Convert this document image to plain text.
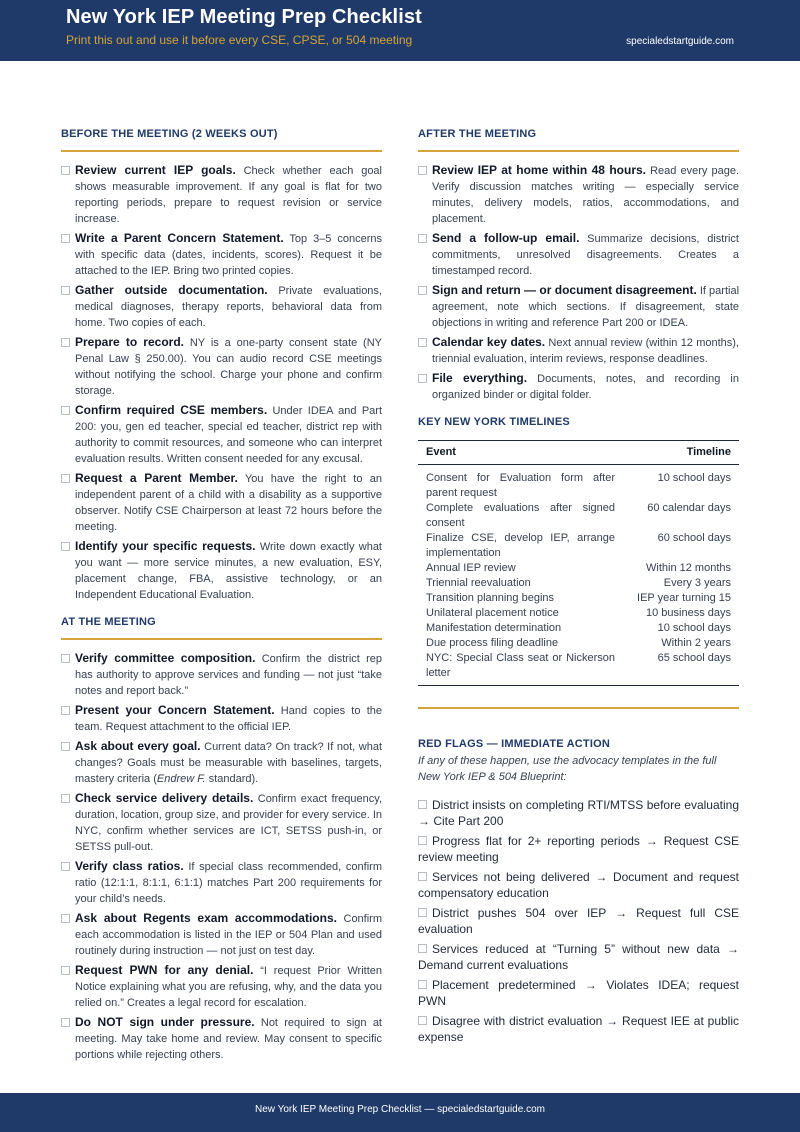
New York IEP Meeting Prep Checklist
Print this out and use it before every CSE, CPSE, or 504 meeting	specialedstartguide.com
BEFORE THE MEETING (2 WEEKS OUT)
Review current IEP goals. Check whether each goal shows measurable improvement. If any goal is flat for two reporting periods, prepare to request revision or service increase.
Write a Parent Concern Statement. Top 3–5 concerns with specific data (dates, incidents, scores). Request it be attached to the IEP. Bring two printed copies.
Gather outside documentation. Private evaluations, medical diagnoses, therapy reports, behavioral data from home. Two copies of each.
Prepare to record. NY is a one-party consent state (NY Penal Law § 250.00). You can audio record CSE meetings without notifying the school. Charge your phone and confirm storage.
Confirm required CSE members. Under IDEA and Part 200: you, gen ed teacher, special ed teacher, district rep with authority to commit resources, and someone who can interpret evaluation results. Written consent needed for any excusal.
Request a Parent Member. You have the right to an independent parent of a child with a disability as a supportive observer. Notify CSE Chairperson at least 72 hours before the meeting.
Identify your specific requests. Write down exactly what you want — more service minutes, a new evaluation, ESY, placement change, FBA, assistive technology, or an Independent Educational Evaluation.
AT THE MEETING
Verify committee composition. Confirm the district rep has authority to approve services and funding — not just “take notes and report back.”
Present your Concern Statement. Hand copies to the team. Request attachment to the official IEP.
Ask about every goal. Current data? On track? If not, what changes? Goals must be measurable with baselines, targets, mastery criteria (Endrew F. standard).
Check service delivery details. Confirm exact frequency, duration, location, group size, and provider for every service. In NYC, confirm whether services are ICT, SETSS push-in, or SETSS pull-out.
Verify class ratios. If special class recommended, confirm ratio (12:1:1, 8:1:1, 6:1:1) matches Part 200 requirements for your child’s needs.
Ask about Regents exam accommodations. Confirm each accommodation is listed in the IEP or 504 Plan and used routinely during instruction — not just on test day.
Request PWN for any denial. “I request Prior Written Notice explaining what you are refusing, why, and the data you relied on.” Creates a legal record for escalation.
Do NOT sign under pressure. Not required to sign at meeting. May take home and review. May consent to specific portions while rejecting others.
AFTER THE MEETING
Review IEP at home within 48 hours. Read every page. Verify discussion matches writing — especially service minutes, delivery models, ratios, accommodations, and placement.
Send a follow-up email. Summarize decisions, district commitments, unresolved disagreements. Creates a timestamped record.
Sign and return — or document disagreement. If partial agreement, note which sections. If disagreement, state objections in writing and reference Part 200 or IDEA.
Calendar key dates. Next annual review (within 12 months), triennial evaluation, interim reviews, response deadlines.
File everything. Documents, notes, and recording in organized binder or digital folder.
KEY NEW YORK TIMELINES
Event	Timeline
Consent for Evaluation form after parent request	10 school days
Complete evaluations after signed consent	60 calendar days
Finalize CSE, develop IEP, arrange implementation	60 school days
Annual IEP review	Within 12 months
Triennial reevaluation	Every 3 years
Transition planning begins	IEP year turning 15
Unilateral placement notice	10 business days
Manifestation determination	10 school days
Due process filing deadline	Within 2 years
NYC: Special Class seat or Nickerson letter	65 school days
RED FLAGS — IMMEDIATE ACTION
If any of these happen, use the advocacy templates in the full New York IEP & 504 Blueprint:
District insists on completing RTI/MTSS before evaluating → Cite Part 200
Progress flat for 2+ reporting periods → Request CSE review meeting
Services not being delivered → Document and request compensatory education
District pushes 504 over IEP → Request full CSE evaluation
Services reduced at “Turning 5” without new data → Demand current evaluations
Placement predetermined → Violates IDEA; request PWN
Disagree with district evaluation → Request IEE at public expense
New York IEP Meeting Prep Checklist — specialedstartguide.com
